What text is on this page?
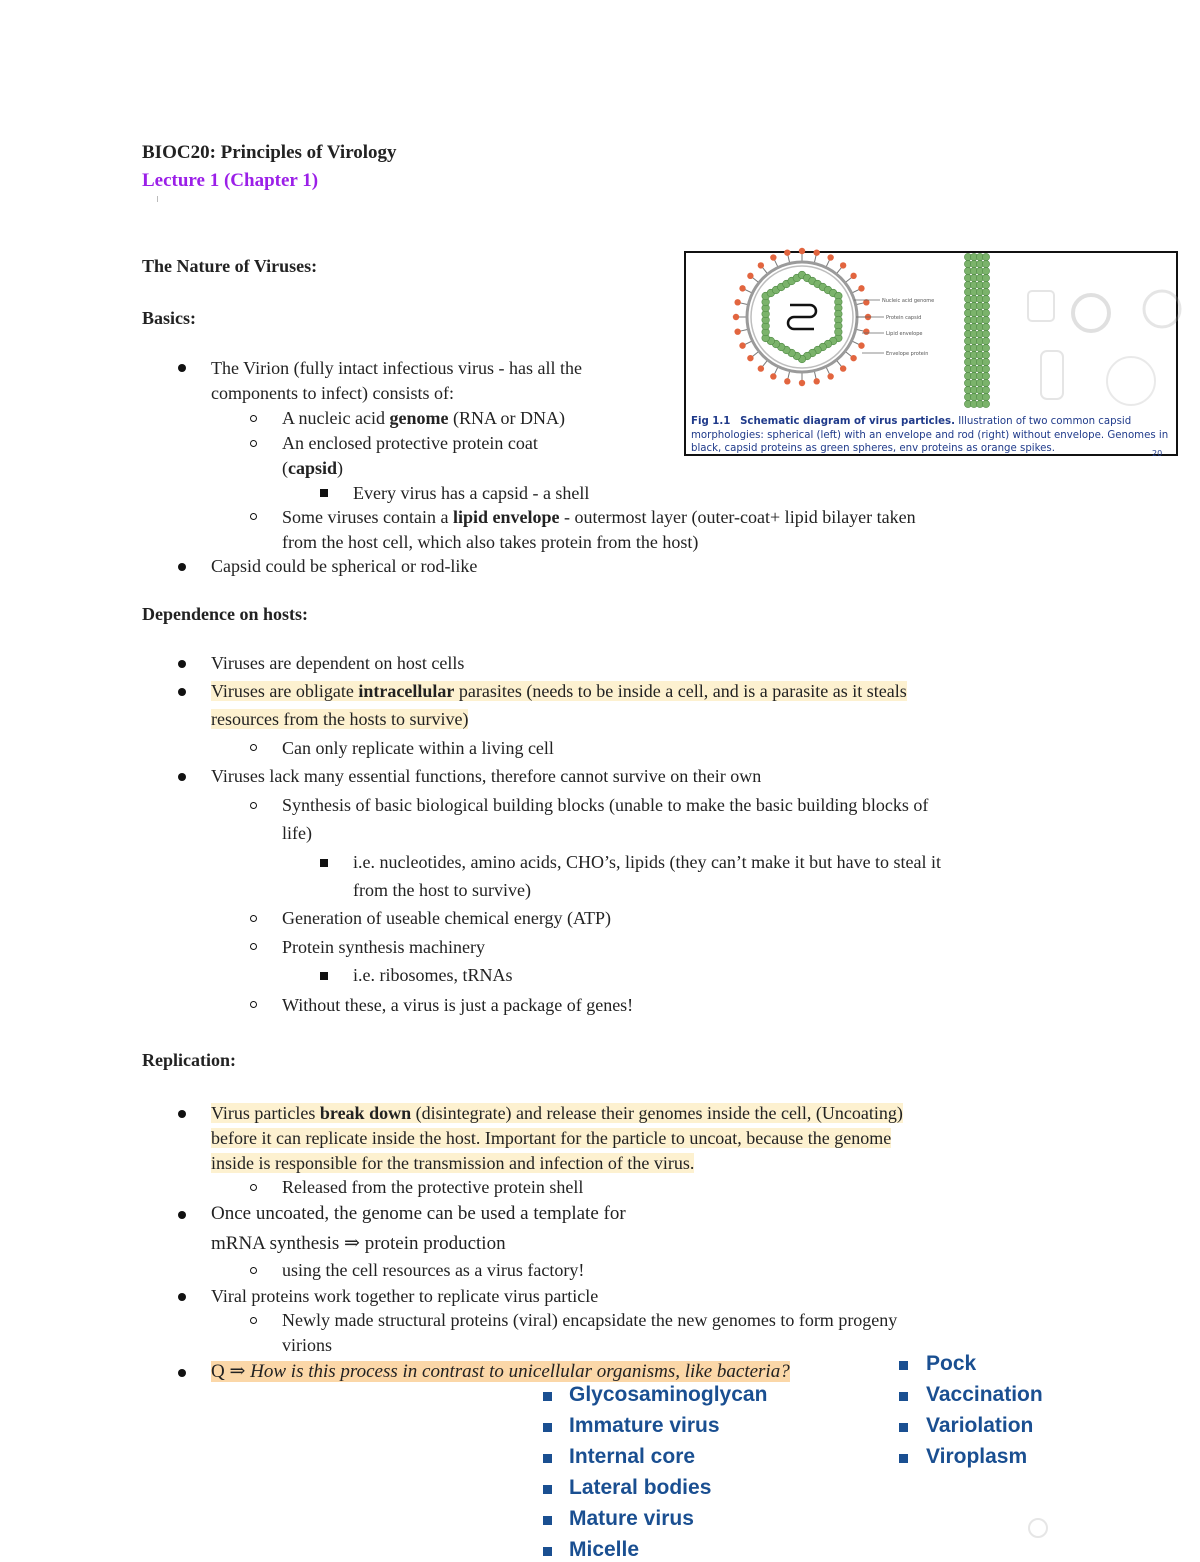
BIOC20: Principles of Virology
Lecture 1 (Chapter 1)
The Nature of Viruses:
Basics:
The Virion (fully intact infectious virus - has all the
components to infect) consists of:
A nucleic acid genome (RNA or DNA)
An enclosed protective protein coat
(capsid)
Every virus has a capsid - a shell
Some viruses contain a lipid envelope - outermost layer (outer-coat+ lipid bilayer taken
from the host cell, which also takes protein from the host)
Capsid could be spherical or rod-like
Dependence on hosts:
Viruses are dependent on host cells
Viruses are obligate intracellular parasites (needs to be inside a cell, and is a parasite as it steals
resources from the hosts to survive)
Can only replicate within a living cell
Viruses lack many essential functions, therefore cannot survive on their own
Synthesis of basic biological building blocks (unable to make the basic building blocks of
life)
i.e. nucleotides, amino acids, CHO’s, lipids (they can’t make it but have to steal it
from the host to survive)
Generation of useable chemical energy (ATP)
Protein synthesis machinery
i.e. ribosomes, tRNAs
Without these, a virus is just a package of genes!
Replication:
Virus particles break down (disintegrate) and release their genomes inside the cell, (Uncoating)
before it can replicate inside the host. Important for the particle to uncoat, because the genome
inside is responsible for the transmission and infection of the virus.
Released from the protective protein shell
Once uncoated, the genome can be used a template for
mRNA synthesis ⇒ protein production
using the cell resources as a virus factory!
Viral proteins work together to replicate virus particle
Newly made structural proteins (viral) encapsidate the new genomes to form progeny
virions
Q ⇒ How is this process in contrast to unicellular organisms, like bacteria?
Nucleic acid genome
Protein capsid
Lipid envelope
Envelope protein
20
Fig 1.1 Schematic diagram of virus particles. Illustration of two common capsid morphologies: spherical (left) with an envelope and rod (right) without envelope. Genomes in black, capsid proteins as green spheres, env proteins as orange spikes.
Glycosaminoglycan
Immature virus
Internal core
Lateral bodies
Mature virus
Micelle
Pock
Vaccination
Variolation
Viroplasm
